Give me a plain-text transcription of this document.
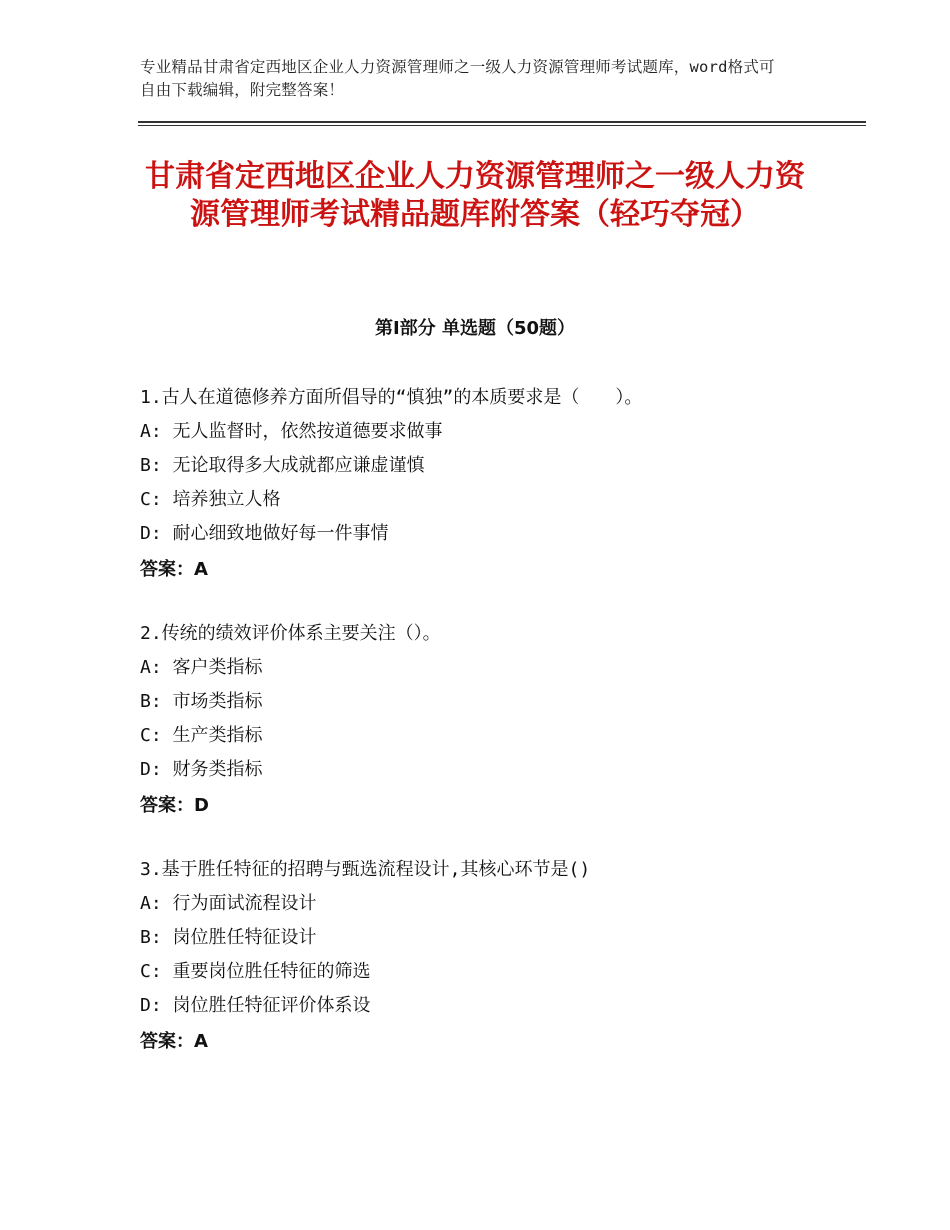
专业精品甘肃省定西地区企业人力资源管理师之一级人力资源管理师考试题库，word格式可自由下载编辑，附完整答案！
甘肃省定西地区企业人力资源管理师之一级人力资源管理师考试精品题库附答案（轻巧夺冠）
第Ⅰ部分 单选题（50题）
1.古人在道德修养方面所倡导的“慎独”的本质要求是（　　）。
A: 无人监督时，依然按道德要求做事
B: 无论取得多大成就都应谦虚谨慎
C: 培养独立人格
D: 耐心细致地做好每一件事情
答案：A
2.传统的绩效评价体系主要关注（）。
A: 客户类指标
B: 市场类指标
C: 生产类指标
D: 财务类指标
答案：D
3.基于胜任特征的招聘与甄选流程设计,其核心环节是()
A: 行为面试流程设计
B: 岗位胜任特征设计
C: 重要岗位胜任特征的筛选
D: 岗位胜任特征评价体系设
答案：A
